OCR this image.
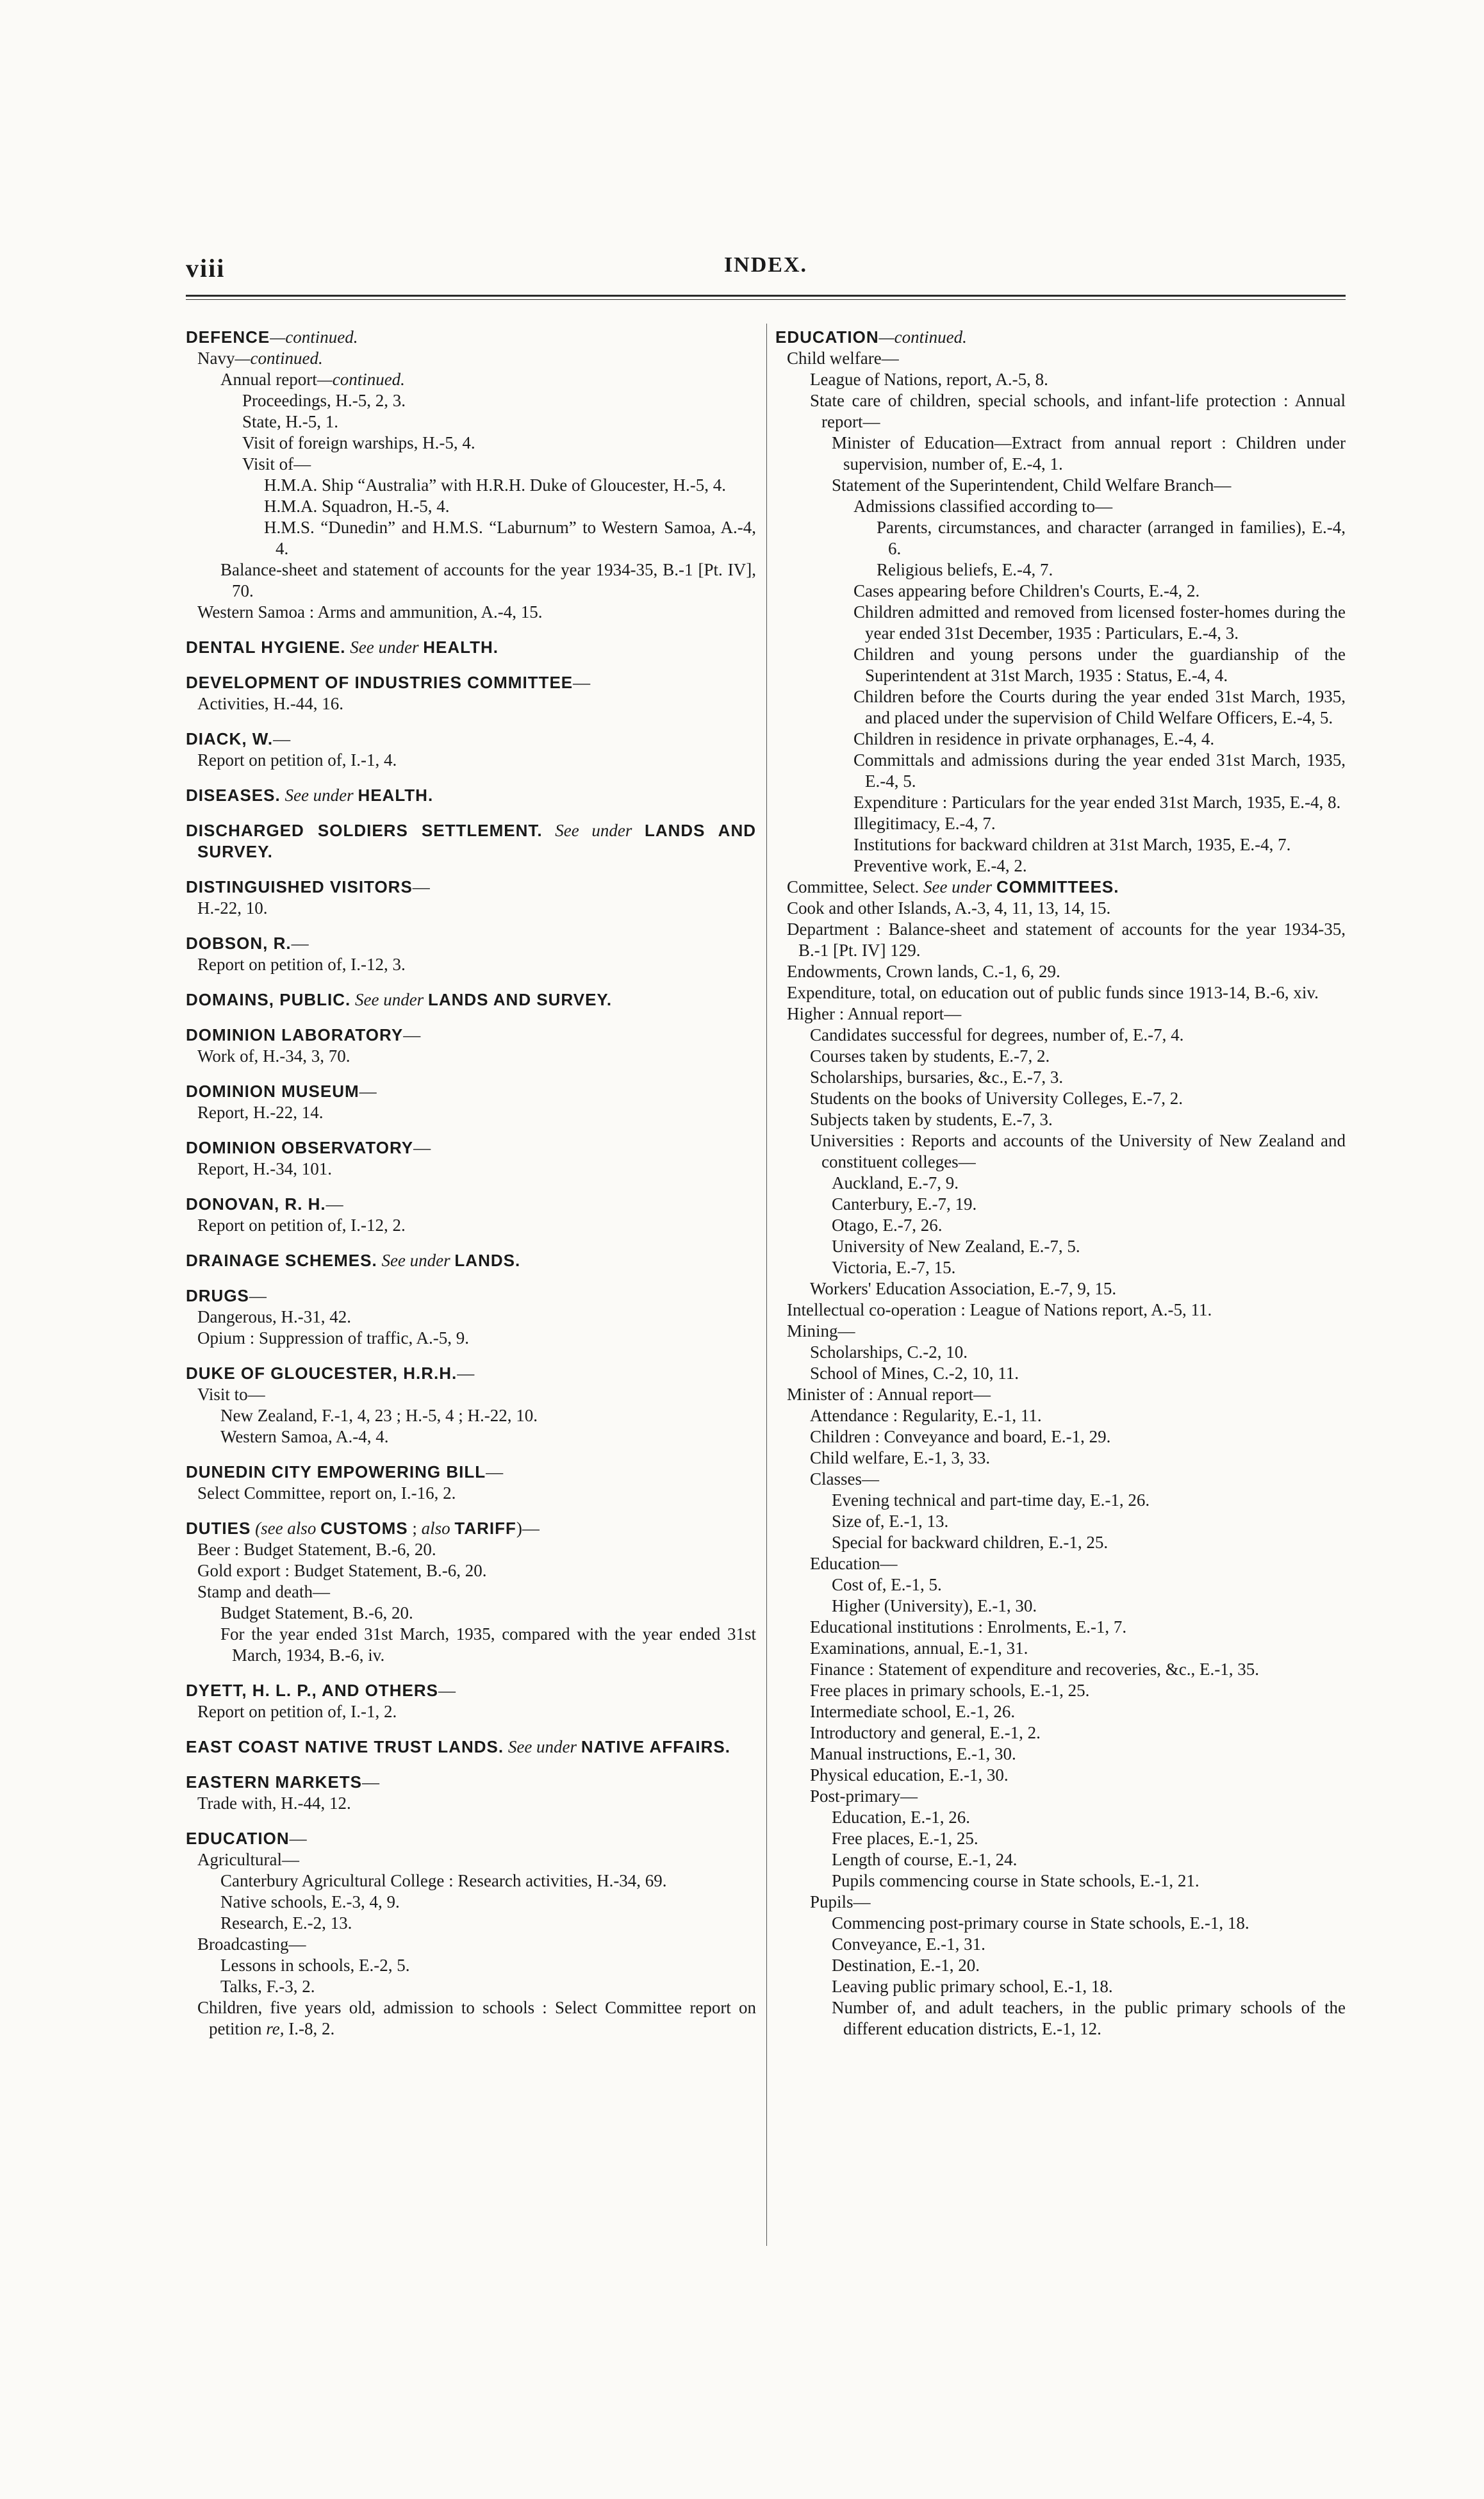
viii	INDEX.
DEFENCE—continued.
Navy—continued.
Annual report—continued.
Proceedings, H.-5, 2, 3.
State, H.-5, 1.
Visit of foreign warships, H.-5, 4.
Visit of—
H.M.A. Ship “Australia” with H.R.H. Duke of Gloucester, H.-5, 4.
H.M.A. Squadron, H.-5, 4.
H.M.S. “Dunedin” and H.M.S. “Laburnum” to Western Samoa, A.-4, 4.
Balance-sheet and statement of accounts for the year 1934-35, B.-1 [Pt. IV], 70.
Western Samoa : Arms and ammunition, A.-4, 15.
DENTAL HYGIENE. See under HEALTH.
DEVELOPMENT OF INDUSTRIES COMMITTEE—
Activities, H.-44, 16.
DIACK, W.—
Report on petition of, I.-1, 4.
DISEASES. See under HEALTH.
DISCHARGED SOLDIERS SETTLEMENT. See under LANDS AND SURVEY.
DISTINGUISHED VISITORS—
H.-22, 10.
DOBSON, R.—
Report on petition of, I.-12, 3.
DOMAINS, PUBLIC. See under LANDS AND SURVEY.
DOMINION LABORATORY—
Work of, H.-34, 3, 70.
DOMINION MUSEUM—
Report, H.-22, 14.
DOMINION OBSERVATORY—
Report, H.-34, 101.
DONOVAN, R. H.—
Report on petition of, I.-12, 2.
DRAINAGE SCHEMES. See under LANDS.
DRUGS—
Dangerous, H.-31, 42.
Opium : Suppression of traffic, A.-5, 9.
DUKE OF GLOUCESTER, H.R.H.—
Visit to—
New Zealand, F.-1, 4, 23 ; H.-5, 4 ; H.-22, 10.
Western Samoa, A.-4, 4.
DUNEDIN CITY EMPOWERING BILL—
Select Committee, report on, I.-16, 2.
DUTIES (see also CUSTOMS ; also TARIFF)—
Beer : Budget Statement, B.-6, 20.
Gold export : Budget Statement, B.-6, 20.
Stamp and death—
Budget Statement, B.-6, 20.
For the year ended 31st March, 1935, compared with the year ended 31st March, 1934, B.-6, iv.
DYETT, H. L. P., AND OTHERS—
Report on petition of, I.-1, 2.
EAST COAST NATIVE TRUST LANDS. See under NATIVE AFFAIRS.
EASTERN MARKETS—
Trade with, H.-44, 12.
EDUCATION—
Agricultural—
Canterbury Agricultural College : Research activities, H.-34, 69.
Native schools, E.-3, 4, 9.
Research, E.-2, 13.
Broadcasting—
Lessons in schools, E.-2, 5.
Talks, F.-3, 2.
Children, five years old, admission to schools : Select Committee report on petition re, I.-8, 2.
EDUCATION—continued.
Child welfare—
League of Nations, report, A.-5, 8.
State care of children, special schools, and infant-life protection : Annual report—
Minister of Education—Extract from annual report : Children under supervision, number of, E.-4, 1.
Statement of the Superintendent, Child Welfare Branch—
Admissions classified according to—
Parents, circumstances, and character (arranged in families), E.-4, 6.
Religious beliefs, E.-4, 7.
Cases appearing before Children's Courts, E.-4, 2.
Children admitted and removed from licensed foster-homes during the year ended 31st December, 1935 : Particulars, E.-4, 3.
Children and young persons under the guardianship of the Superintendent at 31st March, 1935 : Status, E.-4, 4.
Children before the Courts during the year ended 31st March, 1935, and placed under the supervision of Child Welfare Officers, E.-4, 5.
Children in residence in private orphanages, E.-4, 4.
Committals and admissions during the year ended 31st March, 1935, E.-4, 5.
Expenditure : Particulars for the year ended 31st March, 1935, E.-4, 8.
Illegitimacy, E.-4, 7.
Institutions for backward children at 31st March, 1935, E.-4, 7.
Preventive work, E.-4, 2.
Committee, Select. See under COMMITTEES.
Cook and other Islands, A.-3, 4, 11, 13, 14, 15.
Department : Balance-sheet and statement of accounts for the year 1934-35, B.-1 [Pt. IV] 129.
Endowments, Crown lands, C.-1, 6, 29.
Expenditure, total, on education out of public funds since 1913-14, B.-6, xiv.
Higher : Annual report—
Candidates successful for degrees, number of, E.-7, 4.
Courses taken by students, E.-7, 2.
Scholarships, bursaries, &c., E.-7, 3.
Students on the books of University Colleges, E.-7, 2.
Subjects taken by students, E.-7, 3.
Universities : Reports and accounts of the University of New Zealand and constituent colleges—
Auckland, E.-7, 9.
Canterbury, E.-7, 19.
Otago, E.-7, 26.
University of New Zealand, E.-7, 5.
Victoria, E.-7, 15.
Workers' Education Association, E.-7, 9, 15.
Intellectual co-operation : League of Nations report, A.-5, 11.
Mining—
Scholarships, C.-2, 10.
School of Mines, C.-2, 10, 11.
Minister of : Annual report—
Attendance : Regularity, E.-1, 11.
Children : Conveyance and board, E.-1, 29.
Child welfare, E.-1, 3, 33.
Classes—
Evening technical and part-time day, E.-1, 26.
Size of, E.-1, 13.
Special for backward children, E.-1, 25.
Education—
Cost of, E.-1, 5.
Higher (University), E.-1, 30.
Educational institutions : Enrolments, E.-1, 7.
Examinations, annual, E.-1, 31.
Finance : Statement of expenditure and recoveries, &c., E.-1, 35.
Free places in primary schools, E.-1, 25.
Intermediate school, E.-1, 26.
Introductory and general, E.-1, 2.
Manual instructions, E.-1, 30.
Physical education, E.-1, 30.
Post-primary—
Education, E.-1, 26.
Free places, E.-1, 25.
Length of course, E.-1, 24.
Pupils commencing course in State schools, E.-1, 21.
Pupils—
Commencing post-primary course in State schools, E.-1, 18.
Conveyance, E.-1, 31.
Destination, E.-1, 20.
Leaving public primary school, E.-1, 18.
Number of, and adult teachers, in the public primary schools of the different education districts, E.-1, 12.
